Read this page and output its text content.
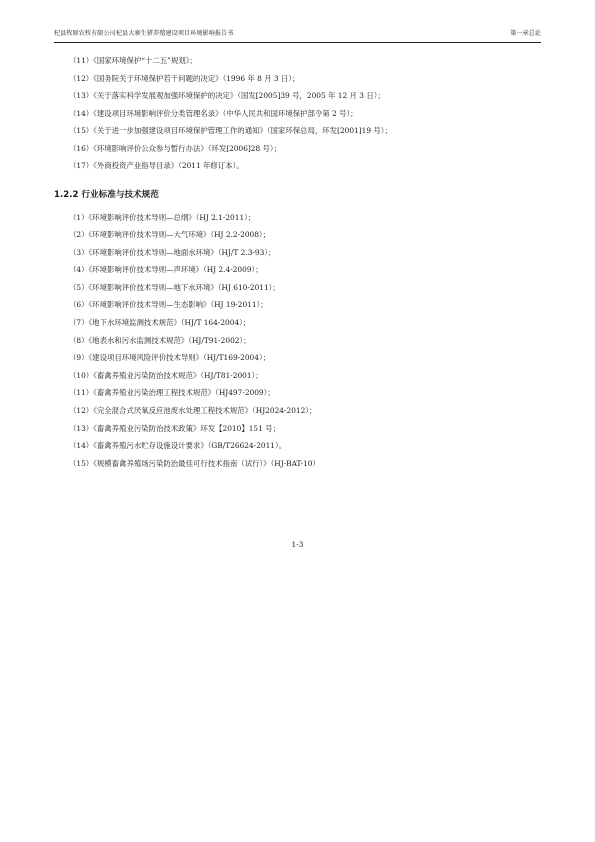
杞县牧原农牧有限公司杞县大寨生猪养殖建设项目环境影响报告书	第一章总论
（11）《国家环境保护“十二五”规划》；
（12）《国务院关于环境保护若干问题的决定》（1996 年 8 月 3 日）；
（13）《关于落实科学发展观加强环境保护的决定》（国发[2005]39 号，2005 年 12 月 3 日）；
（14）《建设项目环境影响评价分类管理名录》（中华人民共和国环境保护部令第 2 号）；
（15）《关于进一步加强建设项目环境保护管理工作的通知》（国家环保总局，环发[2001]19 号）；
（16）《环境影响评价公众参与暂行办法》（环发[2006]28 号）；
（17）《外商投资产业指导目录》（2011 年修订本）。
1.2.2 行业标准与技术规范
（1）《环境影响评价技术导则—总纲》（HJ 2.1-2011）；
（2）《环境影响评价技术导则—大气环境》（HJ 2.2-2008）；
（3）《环境影响评价技术导则—地面水环境》（HJ/T 2.3-93）；
（4）《环境影响评价技术导则—声环境》（HJ 2.4-2009）；
（5）《环境影响评价技术导则—地下水环境》（HJ 610-2011）；
（6）《环境影响评价技术导则—生态影响》（HJ 19-2011）；
（7）《地下水环境监测技术规范》（HJ/T 164-2004）；
（8）《地表水和污水监测技术规范》（HJ/T91-2002）；
（9）《建设项目环境风险评价技术导则》（HJ/T169-2004）；
（10）《畜禽养殖业污染防治技术规范》（HJ/T81-2001）；
（11）《畜禽养殖业污染治理工程技术规范》（HJ497-2009）；
（12）《完全混合式厌氧反应池废水处理工程技术规范》（HJ2024-2012）；
（13）《畜禽养殖业污染防治技术政策》环发【2010】151 号；
（14）《畜禽养殖污水贮存设施设计要求》（GB/T26624-2011）。
（15）《规模畜禽养殖场污染防治最佳可行技术指南（试行）》（HJ-BAT-10）
1-3
